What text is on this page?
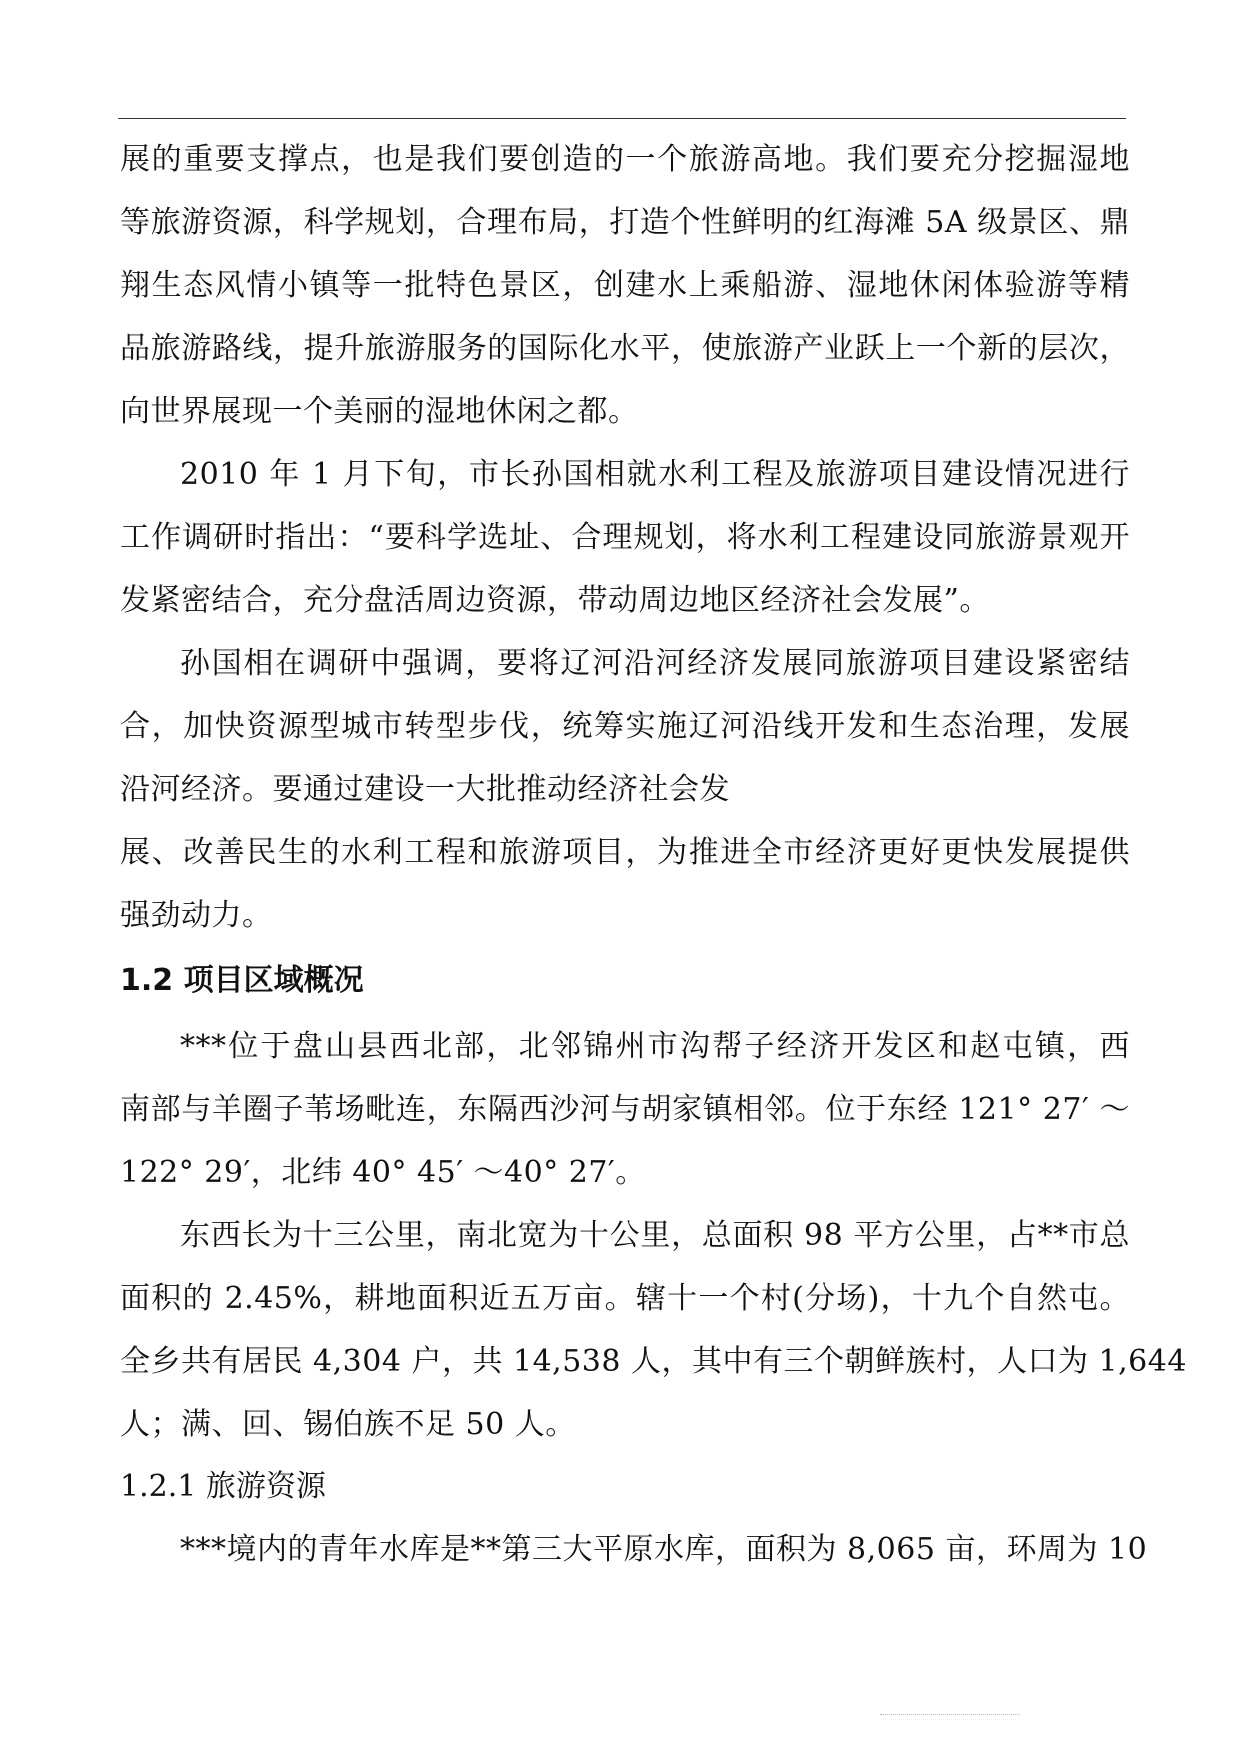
展的重要支撑点，也是我们要创造的一个旅游高地。我们要充分挖掘湿地
等旅游资源，科学规划，合理布局，打造个性鲜明的红海滩 5A 级景区、鼎
翔生态风情小镇等一批特色景区，创建水上乘船游、湿地休闲体验游等精
品旅游路线，提升旅游服务的国际化水平，使旅游产业跃上一个新的层次，
向世界展现一个美丽的湿地休闲之都。
2010 年 1 月下旬，市长孙国相就水利工程及旅游项目建设情况进行
工作调研时指出：“要科学选址、合理规划，将水利工程建设同旅游景观开
发紧密结合，充分盘活周边资源，带动周边地区经济社会发展”。
孙国相在调研中强调，要将辽河沿河经济发展同旅游项目建设紧密结
合，加快资源型城市转型步伐，统筹实施辽河沿线开发和生态治理，发展
沿河经济。要通过建设一大批推动经济社会发
展、改善民生的水利工程和旅游项目，为推进全市经济更好更快发展提供
强劲动力。
1.2 项目区域概况
***位于盘山县西北部，北邻锦州市沟帮子经济开发区和赵屯镇，西
南部与羊圈子苇场毗连，东隔西沙河与胡家镇相邻。位于东经 121° 27′ ～
122° 29′，北纬 40° 45′ ～40° 27′。
东西长为十三公里，南北宽为十公里，总面积 98 平方公里，占**市总
面积的 2.45%，耕地面积近五万亩。辖十一个村(分场)，十九个自然屯。
全乡共有居民 4,304 户，共 14,538 人，其中有三个朝鲜族村，人口为 1,644
人；满、回、锡伯族不足 50 人。
1.2.1 旅游资源
***境内的青年水库是**第三大平原水库，面积为 8,065 亩，环周为 10
